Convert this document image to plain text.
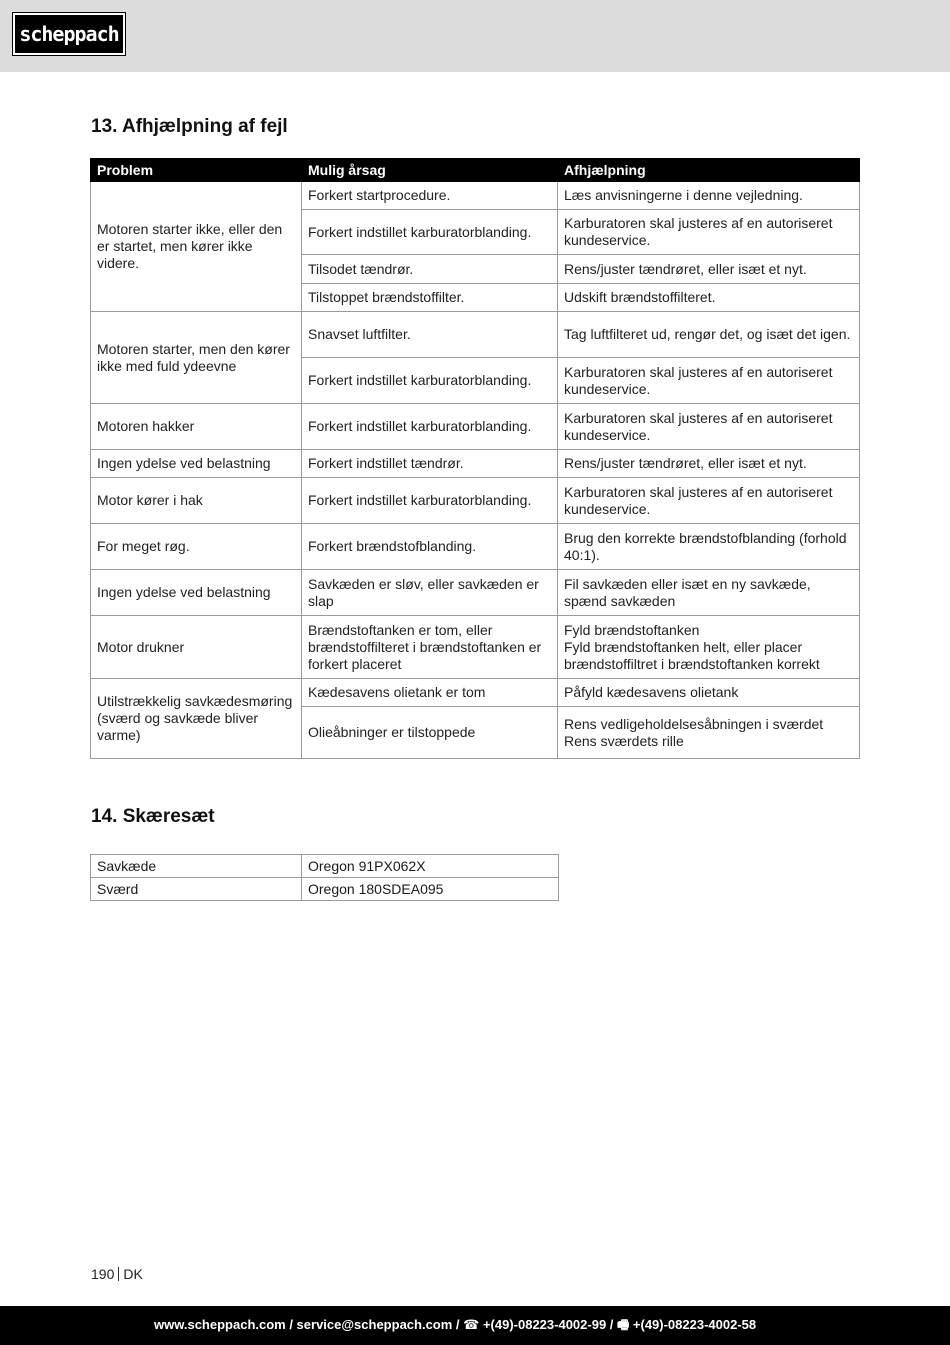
scheppach
13. Afhjælpning af fejl
Problem	Mulig årsag	Afhjælpning
Motoren starter ikke, eller den er startet, men kører ikke videre.	Forkert startprocedure.	Læs anvisningerne i denne vejledning.
	Forkert indstillet karburatorblanding.	Karburatoren skal justeres af en autoriseret kundeservice.
	Tilsodet tændrør.	Rens/juster tændrøret, eller isæt et nyt.
	Tilstoppet brændstoffilter.	Udskift brændstoffilteret.
Motoren starter, men den kører ikke med fuld ydeevne	Snavset luftfilter.	Tag luftfilteret ud, rengør det, og isæt det igen.
	Forkert indstillet karburatorblanding.	Karburatoren skal justeres af en autoriseret kundeservice.
Motoren hakker	Forkert indstillet karburatorblanding.	Karburatoren skal justeres af en autoriseret kundeservice.
Ingen ydelse ved belastning	Forkert indstillet tændrør.	Rens/juster tændrøret, eller isæt et nyt.
Motor kører i hak	Forkert indstillet karburatorblanding.	Karburatoren skal justeres af en autoriseret kundeservice.
For meget røg.	Forkert brændstofblanding.	Brug den korrekte brændstofblanding (forhold 40:1).
Ingen ydelse ved belastning	Savkæden er sløv, eller savkæden er slap	Fil savkæden eller isæt en ny savkæde, spænd savkæden
Motor drukner	Brændstoftanken er tom, eller brændstoffilteret i brændstoftanken er forkert placeret	Fyld brændstoftanken
Fyld brændstoftanken helt, eller placer brændstoffiltret i brændstoftanken korrekt
Utilstrækkelig savkædesmøring
(sværd og savkæde bliver varme)	Kædesavens olietank er tom	Påfyld kædesavens olietank
	Olieåbninger er tilstoppede	Rens vedligeholdelsesåbningen i sværdet
Rens sværdets rille
14. Skæresæt
Savkæde	Oregon 91PX062X
Sværd	Oregon 180SDEA095
190 DK
www.scheppach.com / service@scheppach.com / ☎ +(49)-08223-4002-99 / 🖷 +(49)-08223-4002-58
